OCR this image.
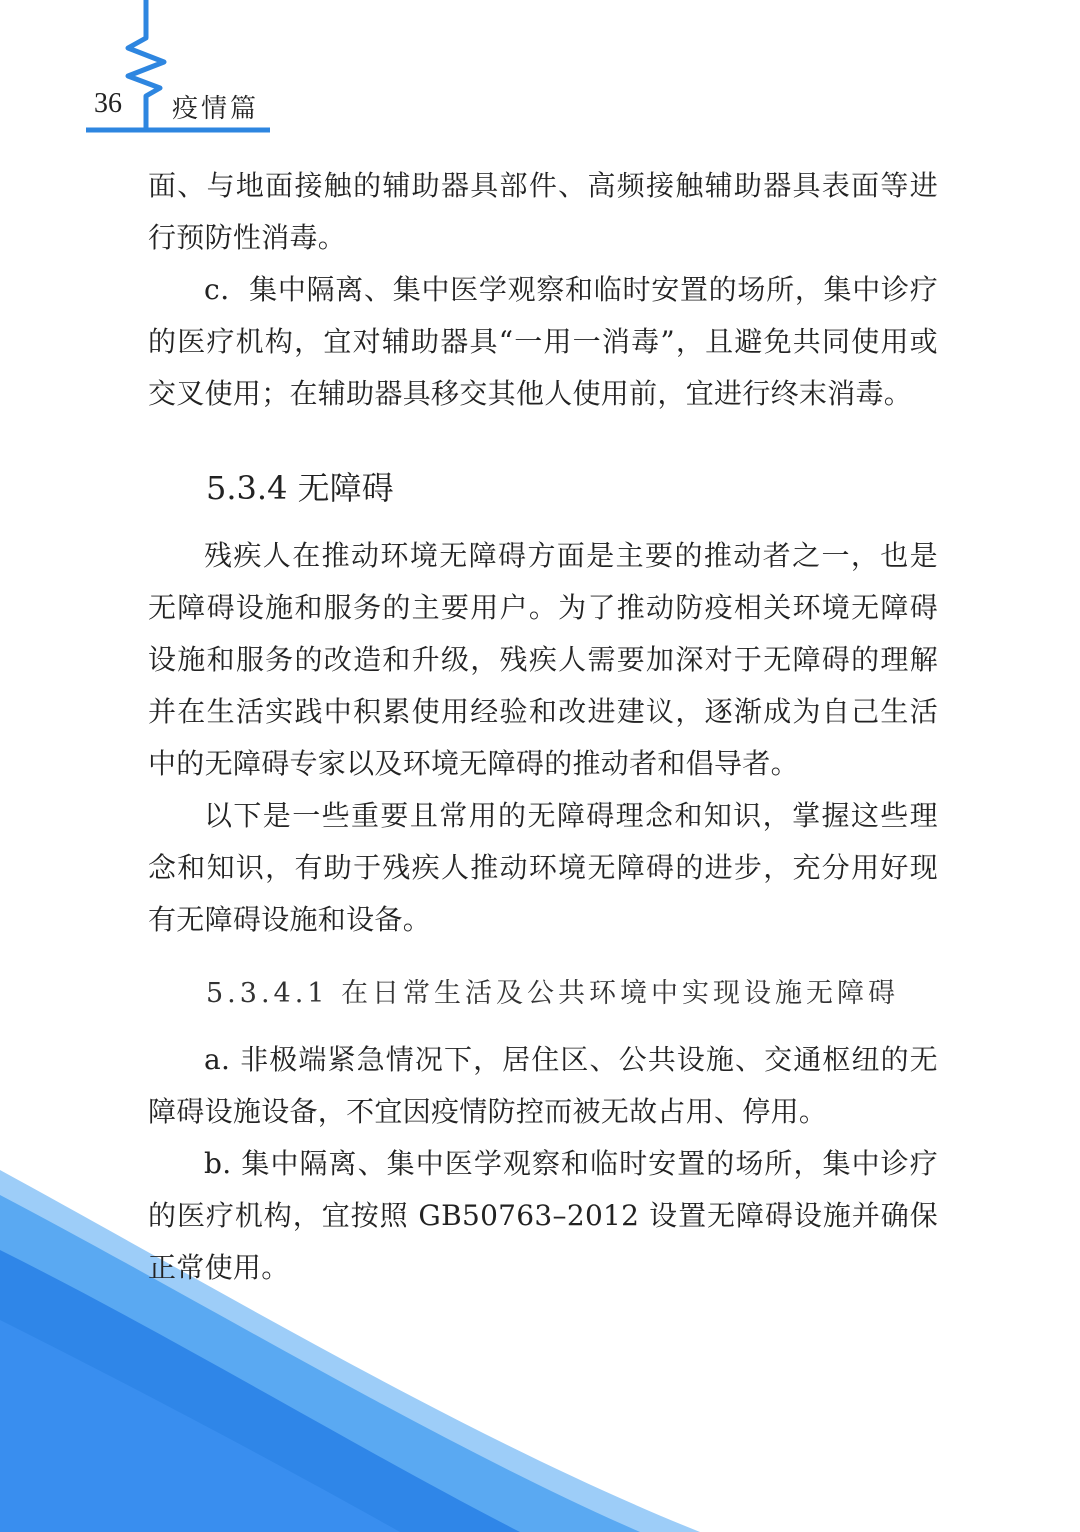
36 疫情篇

面、与地面接触的辅助器具部件、高频接触辅助器具表面等进行预防性消毒。

c．集中隔离、集中医学观察和临时安置的场所，集中诊疗的医疗机构，宜对辅助器具“一用一消毒”，且避免共同使用或交叉使用；在辅助器具移交其他人使用前，宜进行终末消毒。

5.3.4 无障碍

残疾人在推动环境无障碍方面是主要的推动者之一，也是无障碍设施和服务的主要用户。为了推动防疫相关环境无障碍设施和服务的改造和升级，残疾人需要加深对于无障碍的理解并在生活实践中积累使用经验和改进建议，逐渐成为自己生活中的无障碍专家以及环境无障碍的推动者和倡导者。

以下是一些重要且常用的无障碍理念和知识，掌握这些理念和知识，有助于残疾人推动环境无障碍的进步，充分用好现有无障碍设施和设备。

5.3.4.1 在日常生活及公共环境中实现设施无障碍

a. 非极端紧急情况下，居住区、公共设施、交通枢纽的无障碍设施设备，不宜因疫情防控而被无故占用、停用。

b. 集中隔离、集中医学观察和临时安置的场所，集中诊疗的医疗机构，宜按照 GB50763–2012 设置无障碍设施并确保正常使用。
